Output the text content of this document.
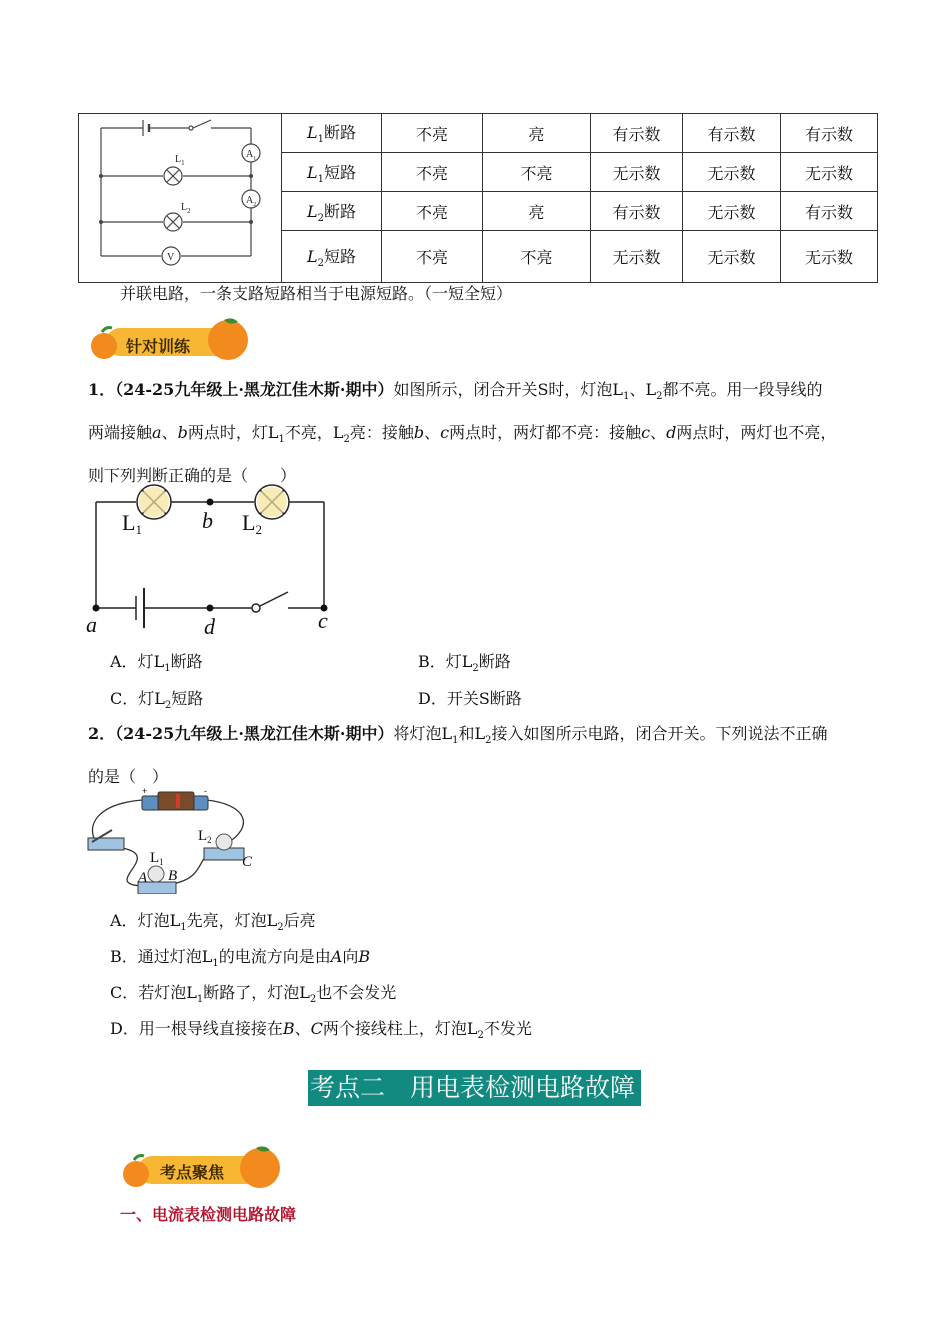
$L_1$
$L_2$
$A_1$
$A_2$
V	$L_1$断路	不亮	亮	有示数	有示数	有示数
	$L_1$短路	不亮	不亮	无示数	无示数	无示数
	$L_2$断路	不亮	亮	有示数	无示数	有示数
	$L_2$短路	不亮	不亮	无示数	无示数	无示数
并联电路，一条支路短路相当于电源短路。（一短全短）
针对训练
1．（24-25九年级上·黑龙江佳木斯·期中）如图所示，闭合开关S时，灯泡$L_1$、$L_2$都不亮。用一段导线的
两端接触a、b两点时，灯$L_1$不亮，$L_2$亮：接触b、c两点时，两灯都不亮：接触c、d两点时，两灯也不亮，
则下列判断正确的是（　　）
L1	L2
b
a	d	c
A．灯$L_1$断路	B．灯$L_2$断路
C．灯$L_2$短路	D．开关S断路
2．（24-25九年级上·黑龙江佳木斯·期中）将灯泡$L_1$和$L_2$接入如图所示电路，闭合开关。下列说法不正确
的是（　）
+	-
$L_2$
$L_1$
A B
C
A．灯泡$L_1$先亮，灯泡$L_2$后亮
B．通过灯泡$L_1$的电流方向是由A向B
C．若灯泡$L_1$断路了，灯泡$L_2$也不会发光
D．用一根导线直接接在B、C两个接线柱上，灯泡$L_2$不发光
考点二　用电表检测电路故障
考点聚焦
一、电流表检测电路故障
